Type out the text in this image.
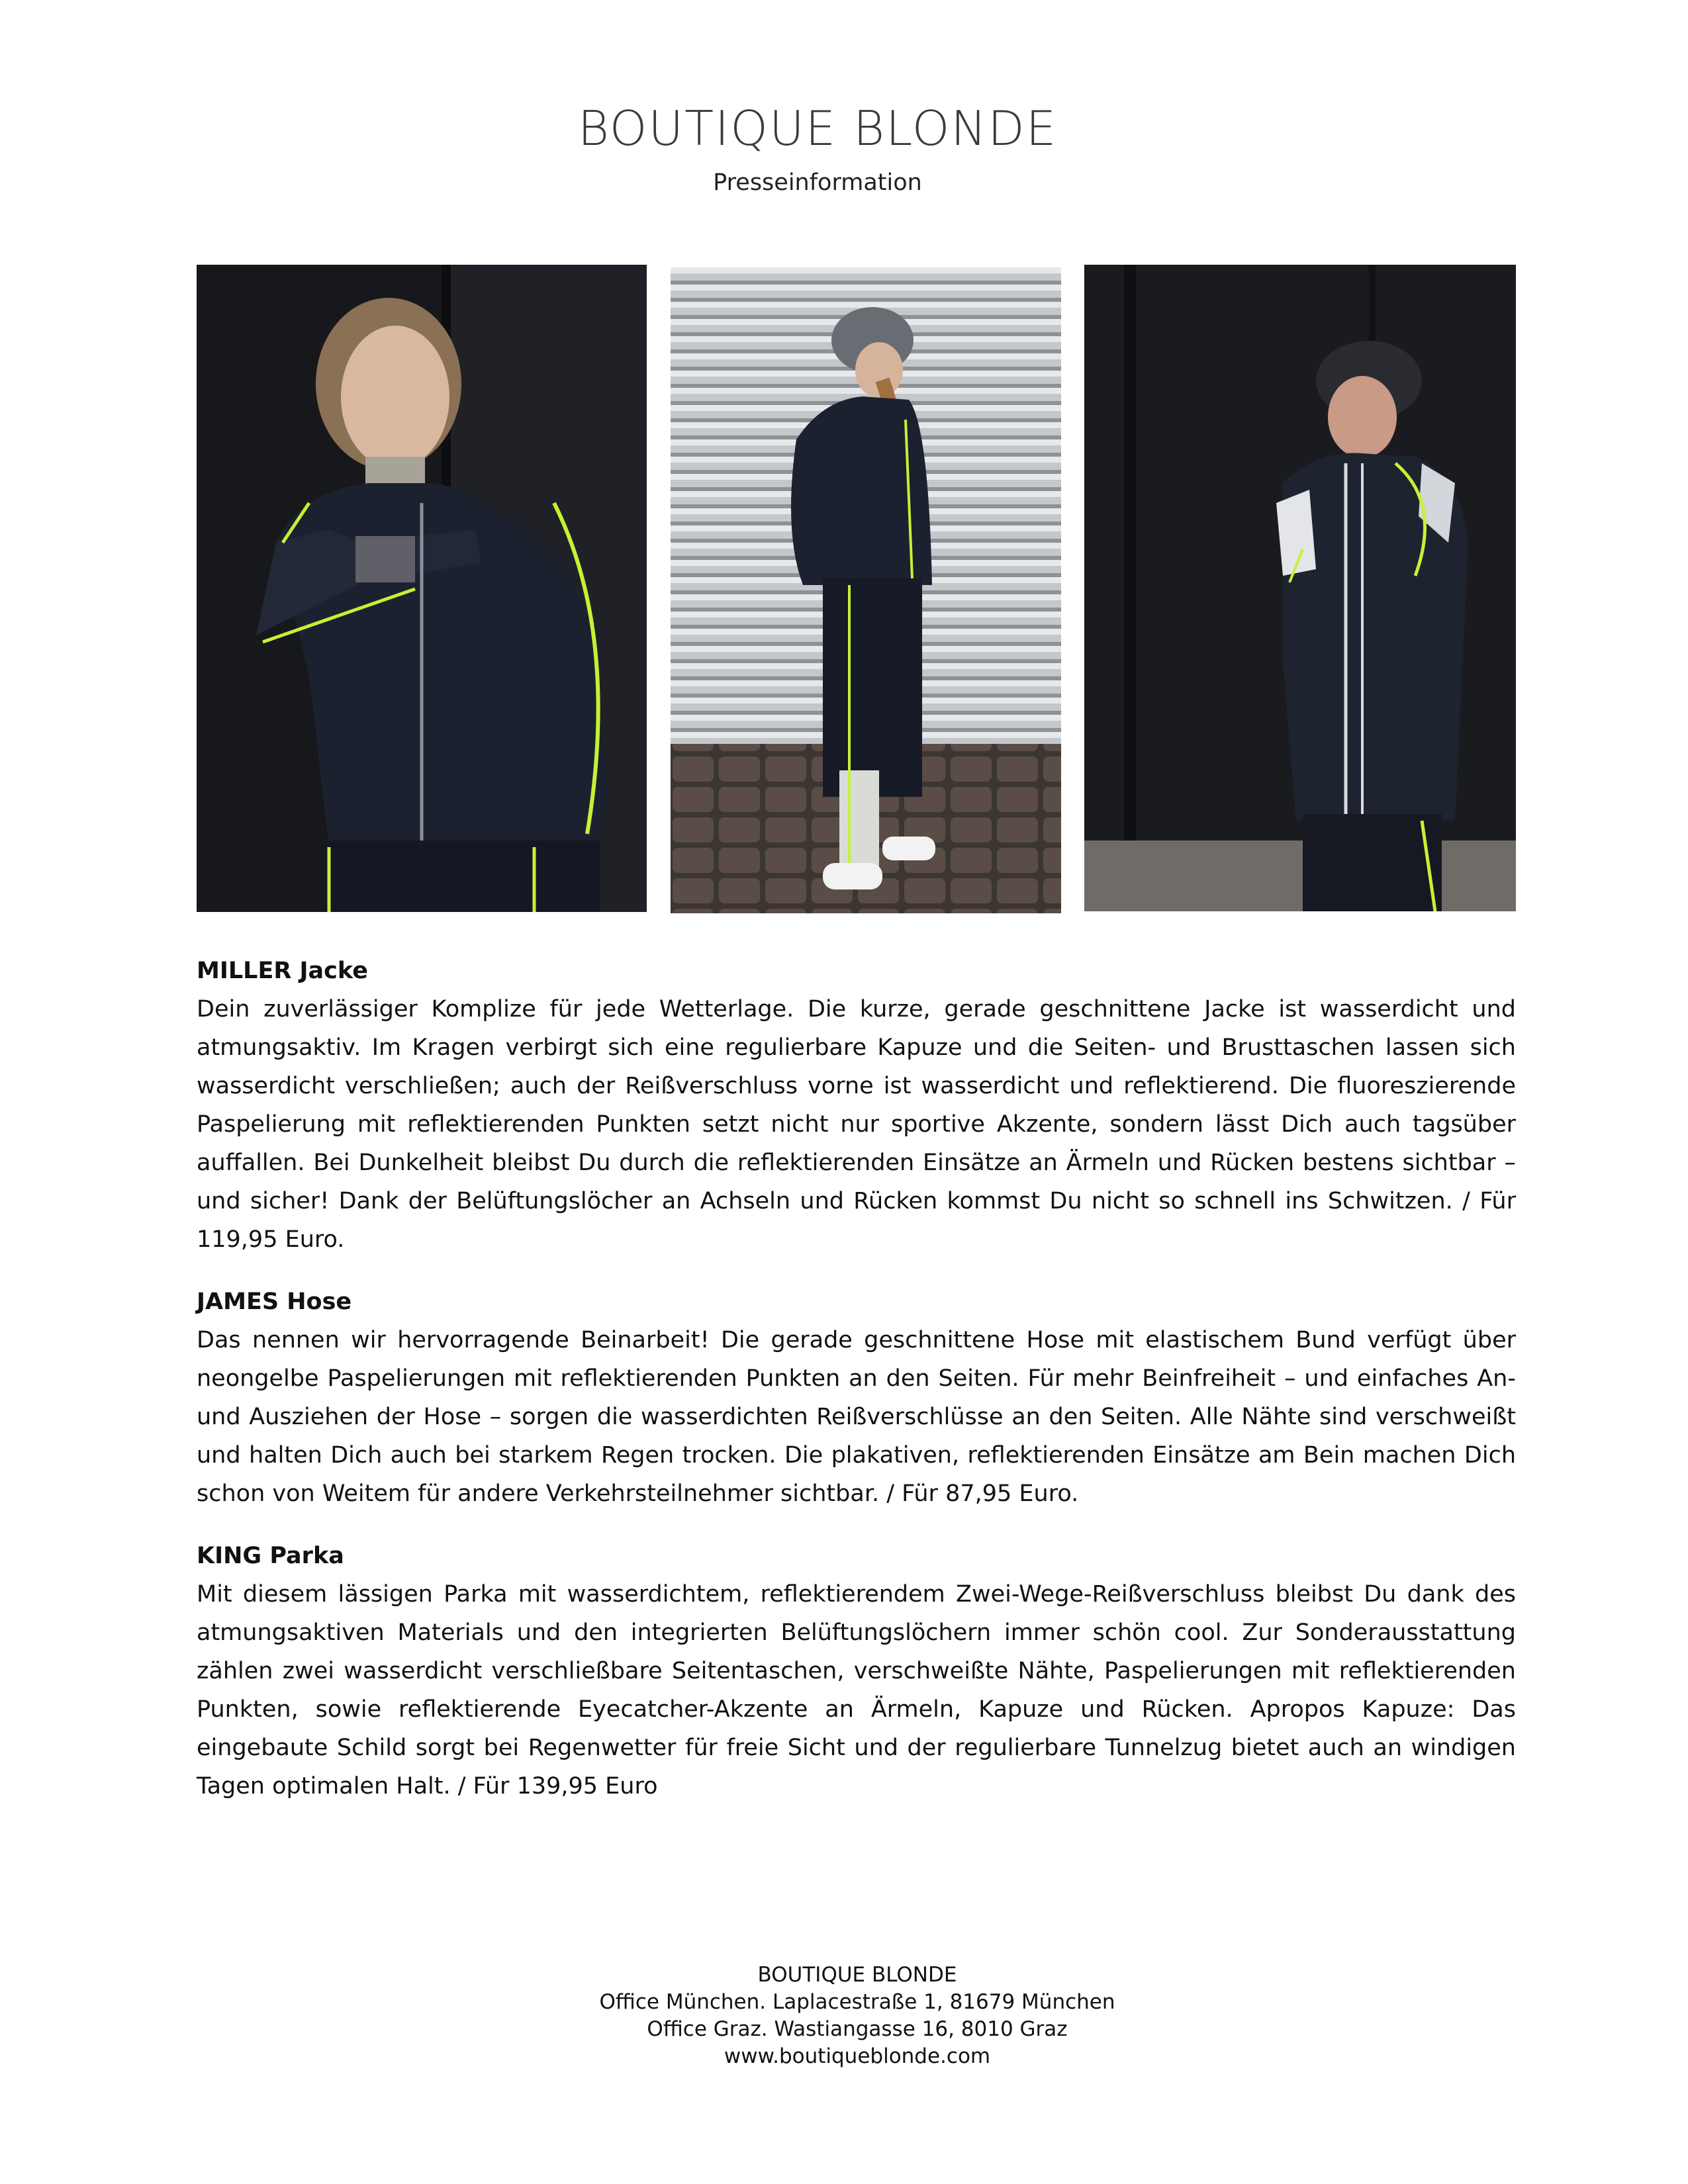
BOUTIQUE BLONDE
Presseinformation
MILLER Jacke

Dein zuverlässiger Komplize für jede Wetterlage. Die kurze, gerade geschnittene Jacke ist wasserdicht und atmungsaktiv. Im Kragen verbirgt sich eine regulierbare Kapuze und die Seiten- und Brusttaschen lassen sich wasserdicht verschließen; auch der Reißverschluss vorne ist wasserdicht und reflektierend. Die fluoreszierende Paspelierung mit reflektierenden Punkten setzt nicht nur sportive Akzente, sondern lässt Dich auch tagsüber auffallen. Bei Dunkelheit bleibst Du durch die reflektierenden Einsätze an Ärmeln und Rücken bestens sichtbar – und sicher! Dank der Belüftungslöcher an Achseln und Rücken kommst Du nicht so schnell ins Schwitzen. / Für 119,95 Euro.

JAMES Hose

Das nennen wir hervorragende Beinarbeit! Die gerade geschnittene Hose mit elastischem Bund verfügt über neongelbe Paspelierungen mit reflektierenden Punkten an den Seiten. Für mehr Beinfreiheit – und einfaches An- und Ausziehen der Hose – sorgen die wasserdichten Reißverschlüsse an den Seiten. Alle Nähte sind verschweißt und halten Dich auch bei starkem Regen trocken. Die plakativen, reflektierenden Einsätze am Bein machen Dich schon von Weitem für andere Verkehrsteilnehmer sichtbar. / Für 87,95 Euro.

KING Parka

Mit diesem lässigen Parka mit wasserdichtem, reflektierendem Zwei-Wege-Reißverschluss bleibst Du dank des atmungsaktiven Materials und den integrierten Belüftungslöchern immer schön cool. Zur Sonderausstattung zählen zwei wasserdicht verschließbare Seitentaschen, verschweißte Nähte, Paspelierungen mit reflektierenden Punkten, sowie reflektierende Eyecatcher-Akzente an Ärmeln, Kapuze und Rücken. Apropos Kapuze: Das eingebaute Schild sorgt bei Regenwetter für freie Sicht und der regulierbare Tunnelzug bietet auch an windigen Tagen optimalen Halt. / Für 139,95 Euro

BOUTIQUE BLONDE
Office München. Laplacestraße 1, 81679 München
Office Graz. Wastiangasse 16, 8010 Graz
www.boutiqueblonde.com
